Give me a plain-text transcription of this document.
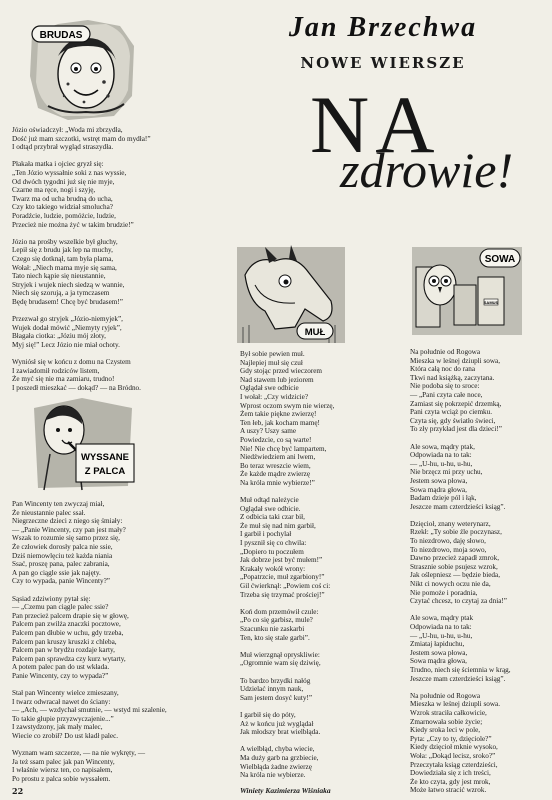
Jan Brzechwa
NOWE WIERSZE
NA
zdrowie!
BRUDAS
Józio oświadczył: „Woda mi zbrzydła,
Dość już mam szczotki, wstręt mam do mydła!”
I odtąd przybrał wygląd straszydła.

Płakała matka i ojciec gryzł się:
„Ten Józio wyssałnie soki z nas wyssie,
Od dwóch tygodni już się nie myje,
Czarne ma ręce, nogi i szyję,
Twarz ma od ucha brudną do ucha,
Czy kto takiego widział smolucha?
Poradźcie, ludzie, pomóżcie, ludzie,
Przecież nie można żyć w takim brudzie!”

Józio na prośby wszelkie był głuchy,
Lepił się z brudu jak lep na muchy,
Czego się dotknął, tam była plama,
Wołał: „Niech mama myje się sama,
Tato niech kąpie się nieustannie,
Stryjek i wujek niech siedzą w wannie,
Niech się szorują, a ja tymczasem
Będę brudasem! Chcę być brudasem!”

Przezwał go stryjek „Józio-niemyjek”,
Wujek dodał mówić „Niemyty ryjek”,
Błagała ciotka: „Józiu mój złoty,
Myj się!” Lecz Józio nie miał ochoty.

Wyniósł się w końcu z domu na Czystem
I zawiadomił rodziców listem,
Że myć się nie ma zamiaru, trudno!
I poszedł mieszkać — dokąd? — na Bródno.
WYSSANE
Z PALCA
Pan Wincenty ten zwyczaj miał,
Że nieustannie palec ssał.
Niegrzeczne dzieci z niego się śmiały:
— „Panie Wincenty, czy pan jest mały?
Wszak to rozumie się samo przez się,
Że człowiek dorosły palca nie ssie,
Dziś niemowlęciu też każda niania
Ssać, proszę pana, palec zabrania,
A pan go ciągle ssie jak najęty.
Czy to wypada, panie Wincenty?”

Sąsiad zdziwiony pytał się:
— „Czemu pan ciągle palec ssie?
Pan przecież palcem drapie się w głowę,
Palcem pan zwilża znaczki pocztowe,
Palcem pan dłubie w uchu, gdy trzeba,
Palcem pan kruszy kruszki z chleba,
Palcem pan w brydżu rozdaje karty,
Palcem pan sprawdza czy kurz wytarty,
A potem palec pan do ust wkłada.
Panie Wincenty, czy to wypada?”

Stał pan Wincenty wielce zmieszany,
I twarz odwracał nawet do ściany:
— „Ach, — wzdychał smutnie, — wstyd mi szalenie,
To takie głupie przyzwyczajenie...”
I zawstydzony, jak mały malec,
Wiecie co zrobił? Do ust kładł palec.

Wyznam wam szczerze, — na nie wykręty, —
Ja też ssam palec jak pan Wincenty,
I właśnie wiersz ten, co napisałem,
Po prostu z palca sobie wyssałem.
MUŁ
Był sobie pewien muł.
Najlepiej muł się czuł
Gdy stojąc przed wieczorem
Nad stawem lub jeziorem
Oglądał swe odbicie
I wołał: „Czy widzicie?
Wprost oczom swym nie wierzę,
Żem takie piękne zwierzę!
Ten łeb, jak kocham mamę!
A uszy? Uszy same
Powiedzcie, co są warte!
Nie! Nie chcę być lampartem,
Niedźwiedziem ani lwem,
Bo teraz wreszcie wiem,
Że każde mądre zwierzę
Na króla mnie wybierze!”

Muł odtąd należycie
Oglądał swe odbicie.
Z odbicia taki czar bił,
Że muł się nad nim garbił,
I garbił i pochylał
I pysznił się co chwila:
„Dopiero tu poczułem
Jak dobrze jest być mułem!”
Krakały wokół wrony:
„Popatrzcie, muł zgarbiony!”
Gil ćwierknął: „Powiem coś ci:
Trzeba się trzymać prościej!”

Koń dom przemówił czule:
„Po co się garbisz, mule?
Szacunku nie zaskarbi
Ten, kto się stale garbi”.

Muł wierzgnął opryskliwie:
„Ogromnie wam się dziwię,

To bardzo brzydki nałóg
Udzielać innym nauk,
Sam jestem dosyć kuty!”

I garbił się do póty,
Aż w końcu już wyglądał
Jak młodszy brat wielbłąda.

A wielbłąd, chyba wiecie,
Ma duży garb na grzbiecie,
Wielbłąda żadne zwierzę
Na króla nie wybierze.
SAMUS
SOWA
Na południe od Rogowa
Mieszka w leśnej dziupli sowa,
Która całą noc do rana
Tkwi nad książką, zaczytana.
Nie podoba się to sroce:
— „Pani czyta całe noce,
Zamiast się pokrzepić drzemką,
Pani czyta wciąż po ciemku.
Czyta się, gdy światło świeci,
To zły przykład jest dla dzieci!”

Ale sowa, mądry ptak,
Odpowiada na to tak:
— „U-hu, u-hu, u-hu,
Nie brzęcz mi przy uchu,
Jestem sowa płowa,
Sowa mądra głowa,
Badam dzieje pól i łąk,
Jeszcze mam czterdzieści ksiąg”.

Dzięcioł, znany weterynarz,
Rzekł: „Ty sobie źle poczynasz,
To niezdrowo, daję słowo,
To niezdrowo, moja sowo,
Dawno przecież zapadł zmrok,
Strasznie sobie psujesz wzrok,
Jak oślepniesz — będzie bieda,
Nikt ci nowych oczu nie da,
Nie pomoże i poradnia,
Czytać chcesz, to czytaj za dnia!”

Ale sowa, mądry ptak
Odpowiada na to tak:
— „U-hu, u-hu, u-hu,
Zmiataj łapiduchu,
Jestem sowa płowa,
Sowa mądra głowa,
Trudno, niech się ściemnia w krąg,
Jeszcze mam czterdzieści ksiąg”.

Na południe od Rogowa
Mieszka w leśnej dziupli sowa.
Wzrok straciła całkowicie,
Zmarnowała sobie życie;
Kiedy sroka leci w pole,
Pyta: „Czy to ty, dzięciole?”
Kiedy dzięcioł mknie wysoko,
Woła: „Dokąd lecisz, sroko?”
Przeczytała ksiąg czterdzieści,
Dowiedziała się z ich treści,
Że kto czyta, gdy jest mrok,
Może łatwo stracić wzrok.
22	Winiety Kazimierza Wiśniaka
